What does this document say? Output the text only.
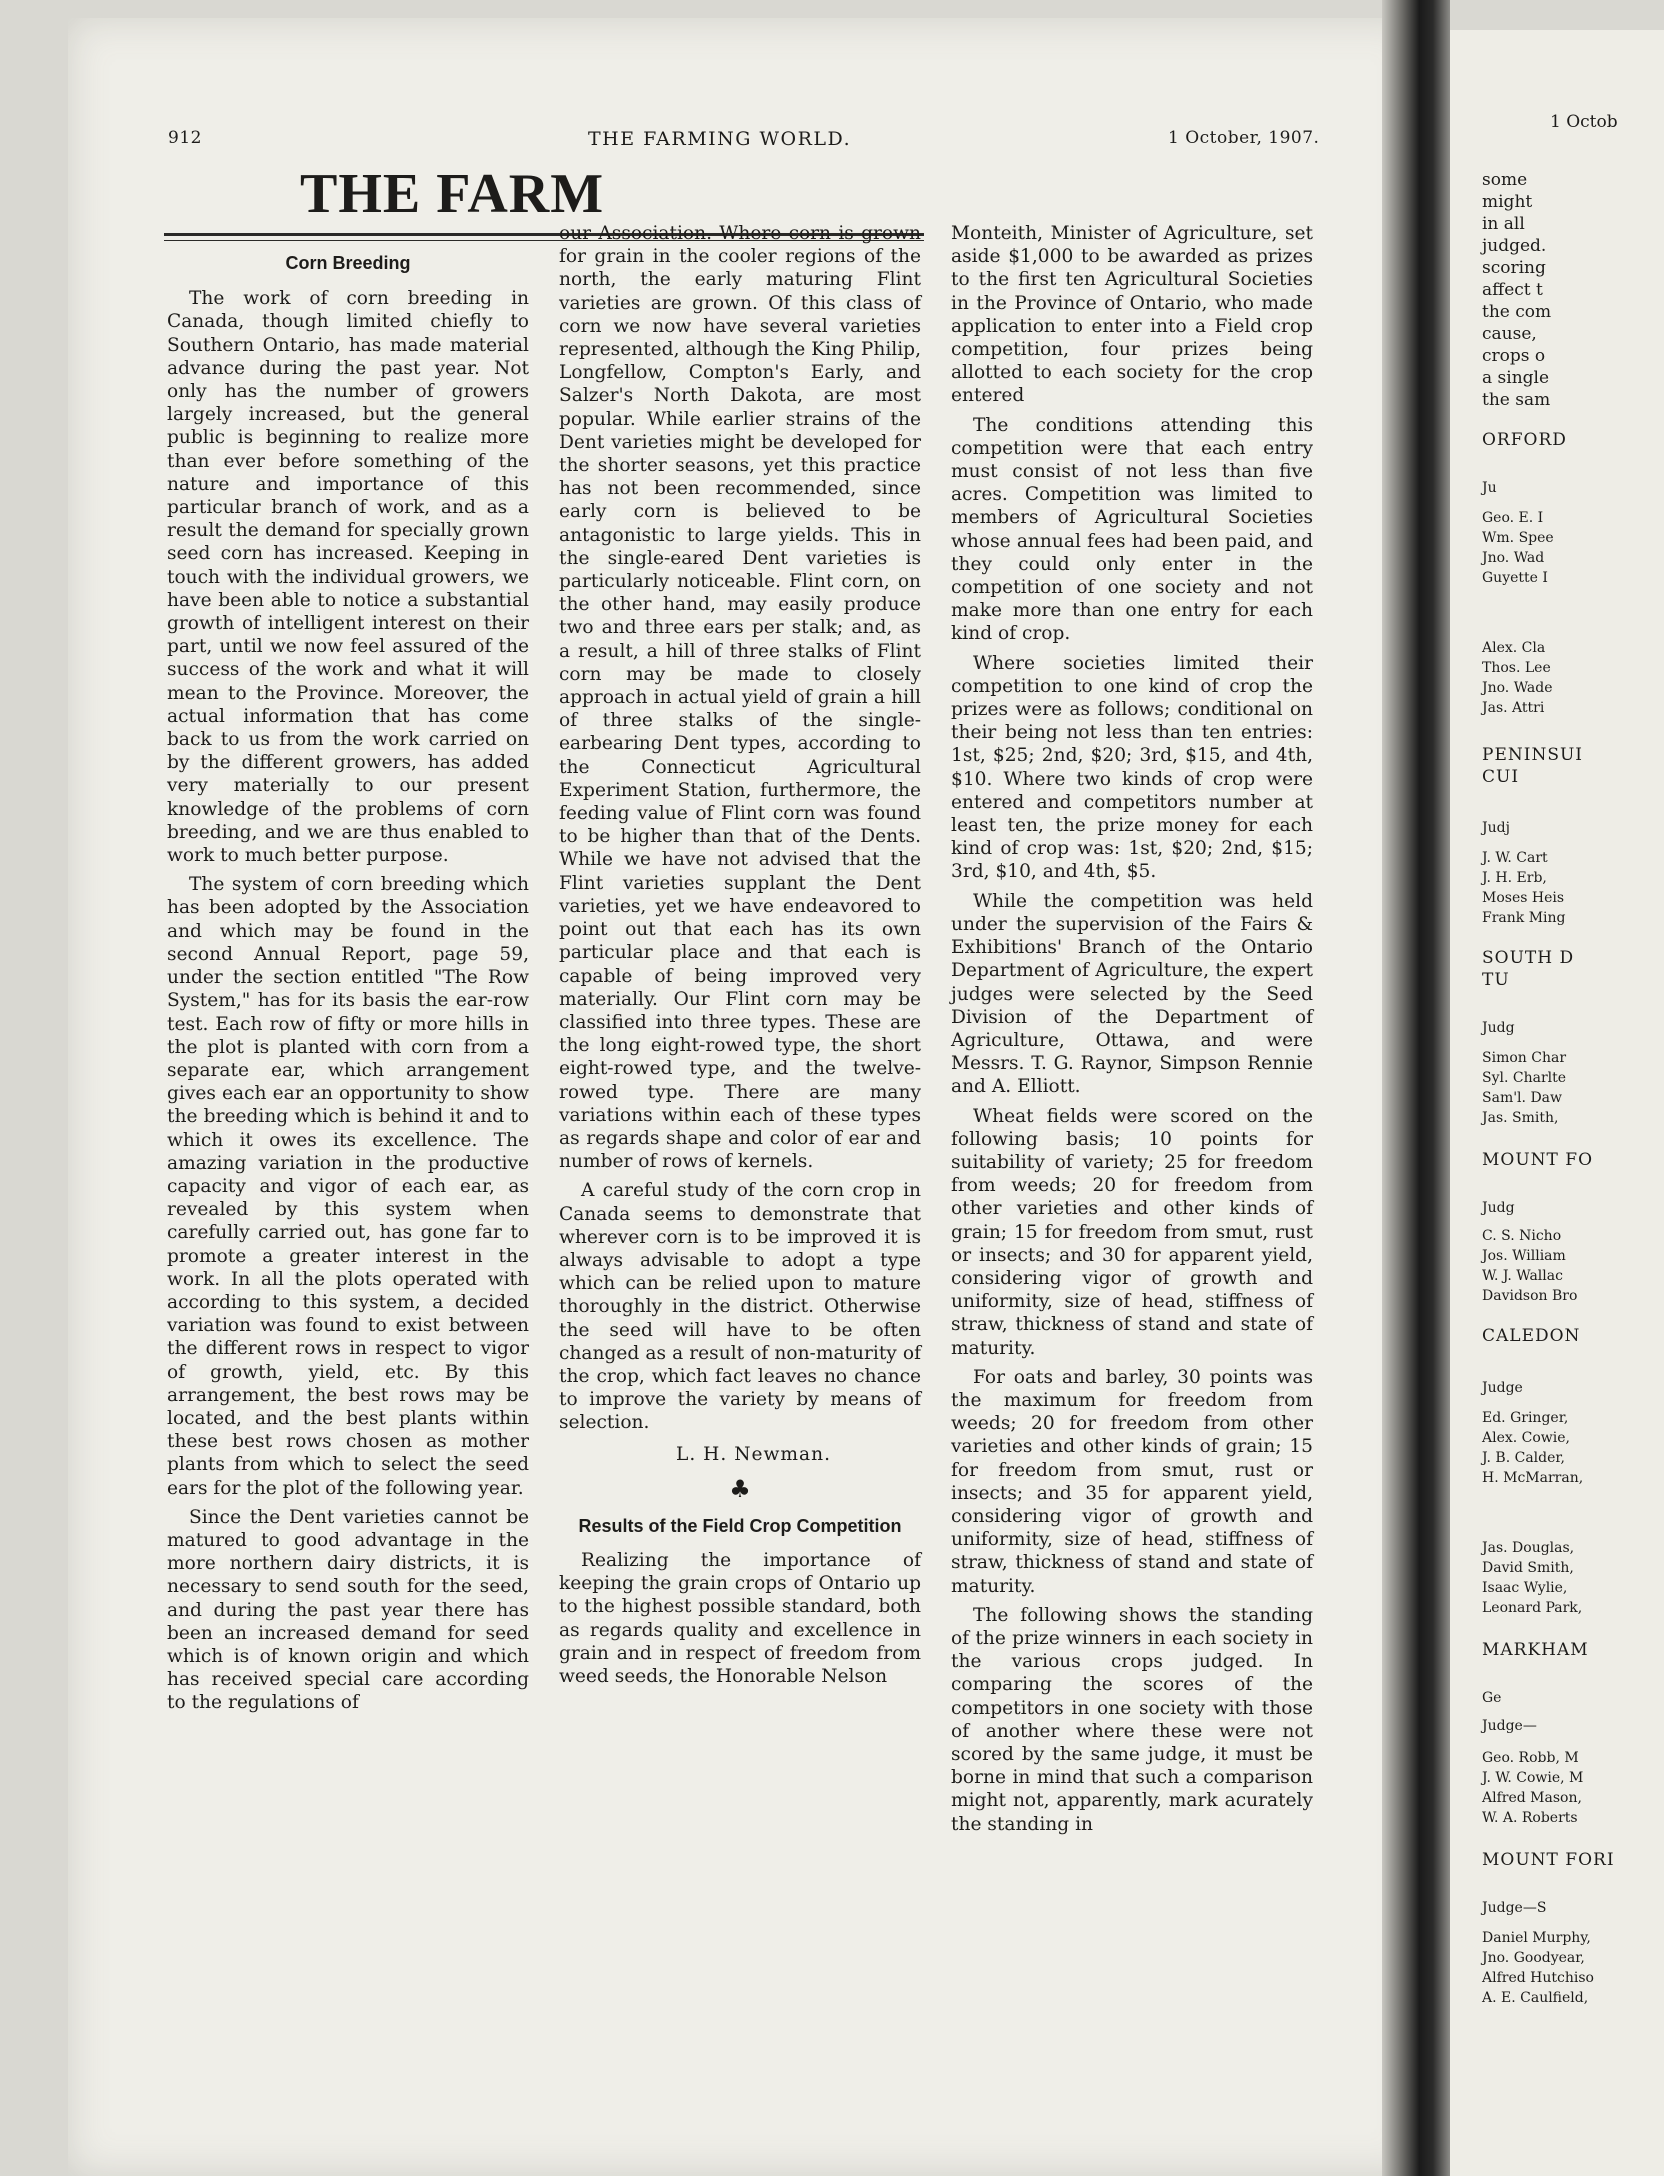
912	THE FARMING WORLD.	1 October, 1907.
THE FARM
Corn Breeding

The work of corn breeding in Canada, though limited chiefly to Southern Ontario, has made material advance during the past year. Not only has the number of growers largely increased, but the general public is beginning to realize more than ever before something of the nature and importance of this particular branch of work, and as a result the demand for specially grown seed corn has increased. Keeping in touch with the individual growers, we have been able to notice a substantial growth of intelligent interest on their part, until we now feel assured of the success of the work and what it will mean to the Province. Moreover, the actual information that has come back to us from the work carried on by the different growers, has added very materially to our present knowledge of the problems of corn breeding, and we are thus enabled to work to much better purpose.

The system of corn breeding which has been adopted by the Association and which may be found in the second Annual Report, page 59, under the section entitled "The Row System," has for its basis the ear-row test. Each row of fifty or more hills in the plot is planted with corn from a separate ear, which arrangement gives each ear an opportunity to show the breeding which is behind it and to which it owes its excellence. The amazing variation in the productive capacity and vigor of each ear, as revealed by this system when carefully carried out, has gone far to promote a greater interest in the work. In all the plots operated with according to this system, a decided variation was found to exist between the different rows in respect to vigor of growth, yield, etc. By this arrangement, the best rows may be located, and the best plants within these best rows chosen as mother plants from which to select the seed ears for the plot of the following year.

Since the Dent varieties cannot be matured to good advantage in the more northern dairy districts, it is necessary to send south for the seed, and during the past year there has been an increased demand for seed which is of known origin and which has received special care according to the regulations of

our Association. Where corn is grown for grain in the cooler regions of the north, the early maturing Flint varieties are grown. Of this class of corn we now have several varieties represented, although the King Philip, Longfellow, Compton's Early, and Salzer's North Dakota, are most popular. While earlier strains of the Dent varieties might be developed for the shorter seasons, yet this practice has not been recommended, since early corn is believed to be antagonistic to large yields. This in the single-eared Dent varieties is particularly noticeable. Flint corn, on the other hand, may easily produce two and three ears per stalk; and, as a result, a hill of three stalks of Flint corn may be made to closely approach in actual yield of grain a hill of three stalks of the single-earbearing Dent types, according to the Connecticut Agricultural Experiment Station, furthermore, the feeding value of Flint corn was found to be higher than that of the Dents. While we have not advised that the Flint varieties supplant the Dent varieties, yet we have endeavored to point out that each has its own particular place and that each is capable of being improved very materially. Our Flint corn may be classified into three types. These are the long eight-rowed type, the short eight-rowed type, and the twelve-rowed type. There are many variations within each of these types as regards shape and color of ear and number of rows of kernels.

A careful study of the corn crop in Canada seems to demonstrate that wherever corn is to be improved it is always advisable to adopt a type which can be relied upon to mature thoroughly in the district. Otherwise the seed will have to be often changed as a result of non-maturity of the crop, which fact leaves no chance to improve the variety by means of selection.

L. H. Newman.
♣
Results of the Field Crop Competition

Realizing the importance of keeping the grain crops of Ontario up to the highest possible standard, both as regards quality and excellence in grain and in respect of freedom from weed seeds, the Honorable Nelson

Monteith, Minister of Agriculture, set aside $1,000 to be awarded as prizes to the first ten Agricultural Societies in the Province of Ontario, who made application to enter into a Field crop competition, four prizes being allotted to each society for the crop entered

The conditions attending this competition were that each entry must consist of not less than five acres. Competition was limited to members of Agricultural Societies whose annual fees had been paid, and they could only enter in the competition of one society and not make more than one entry for each kind of crop.

Where societies limited their competition to one kind of crop the prizes were as follows; conditional on their being not less than ten entries: 1st, $25; 2nd, $20; 3rd, $15, and 4th, $10. Where two kinds of crop were entered and competitors number at least ten, the prize money for each kind of crop was: 1st, $20; 2nd, $15; 3rd, $10, and 4th, $5.

While the competition was held under the supervision of the Fairs & Exhibitions' Branch of the Ontario Department of Agriculture, the expert judges were selected by the Seed Division of the Department of Agriculture, Ottawa, and were Messrs. T. G. Raynor, Simpson Rennie and A. Elliott.

Wheat fields were scored on the following basis; 10 points for suitability of variety; 25 for freedom from weeds; 20 for freedom from other varieties and other kinds of grain; 15 for freedom from smut, rust or insects; and 30 for apparent yield, considering vigor of growth and uniformity, size of head, stiffness of straw, thickness of stand and state of maturity.

For oats and barley, 30 points was the maximum for freedom from weeds; 20 for freedom from other varieties and other kinds of grain; 15 for freedom from smut, rust or insects; and 35 for apparent yield, considering vigor of growth and uniformity, size of head, stiffness of straw, thickness of stand and state of maturity.

The following shows the standing of the prize winners in each society in the various crops judged. In comparing the scores of the competitors in one society with those of another where these were not scored by the same judge, it must be borne in mind that such a comparison might not, apparently, mark acurately the standing in

1 Octob
some
might
in all
judged.
scoring
affect t
the com
cause,
crops o
a single
the sam
ORFORD
Ju
Geo. E. I
Wm. Spee
Jno. Wad
Guyette I
Alex. Cla
Thos. Lee
Jno. Wade
Jas. Attri
PENINSUI
CUI
Judj
J. W. Cart
J. H. Erb,
Moses Heis
Frank Ming
SOUTH D
TU
Judg
Simon Char
Syl. Charlte
Sam'l. Daw
Jas. Smith,
MOUNT FO
Judg
C. S. Nicho
Jos. William
W. J. Wallac
Davidson Bro
CALEDON
Judge
Ed. Gringer,
Alex. Cowie,
J. B. Calder,
H. McMarran,
Jas. Douglas,
David Smith,
Isaac Wylie,
Leonard Park,
MARKHAM
Ge
Judge—
Geo. Robb, M
J. W. Cowie, M
Alfred Mason,
W. A. Roberts
MOUNT FORI
Judge—S
Daniel Murphy,
Jno. Goodyear,
Alfred Hutchiso
A. E. Caulfield,
